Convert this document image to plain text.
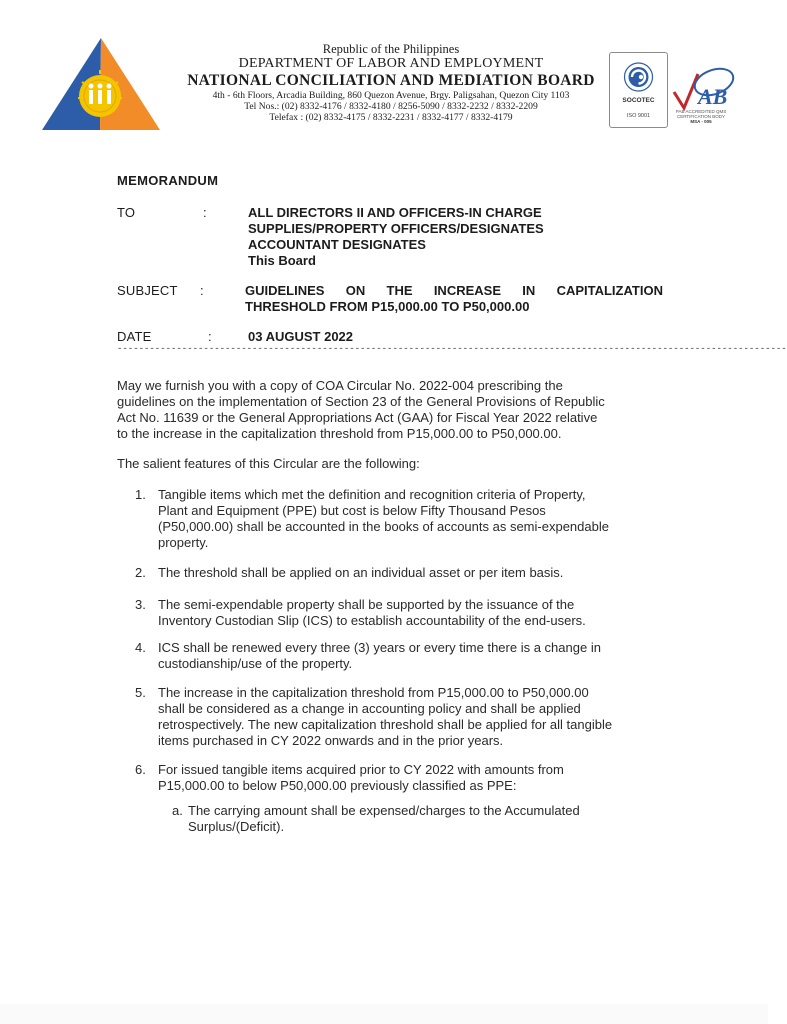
Republic of the Philippines
DEPARTMENT OF LABOR AND EMPLOYMENT
NATIONAL CONCILIATION AND MEDIATION BOARD
4th - 6th Floors, Arcadia Building, 860 Quezon Avenue, Brgy. Paligsahan, Quezon City 1103
Tel Nos.: (02) 8332-4176 / 8332-4180 / 8256-5090 / 8332-2232 / 8332-2209
Telefax : (02) 8332-4175 / 8332-2231 / 8332-4177 / 8332-4179
SOCOTEC
ISO 9001
AB
PAB ACCREDITED QMS CERTIFICATION BODY
MSA - 005
MEMORANDUM
TO	:	ALL DIRECTORS II AND OFFICERS-IN CHARGE
SUPPLIES/PROPERTY OFFICERS/DESIGNATES
ACCOUNTANT DESIGNATES
This Board
SUBJECT :	GUIDELINES ON THE INCREASE IN CAPITALIZATION
THRESHOLD FROM P15,000.00 TO P50,000.00
DATE	:	03 AUGUST 2022
----------------------------------------------------------------------------------------------------------------------------
May we furnish you with a copy of COA Circular No. 2022-004 prescribing the
guidelines on the implementation of Section 23 of the General Provisions of Republic
Act No. 11639 or the General Appropriations Act (GAA) for Fiscal Year 2022 relative
to the increase in the capitalization threshold from P15,000.00 to P50,000.00.
The salient features of this Circular are the following:
1. Tangible items which met the definition and recognition criteria of Property,
Plant and Equipment (PPE) but cost is below Fifty Thousand Pesos
(P50,000.00) shall be accounted in the books of accounts as semi-expendable
property.
2. The threshold shall be applied on an individual asset or per item basis.
3. The semi-expendable property shall be supported by the issuance of the
Inventory Custodian Slip (ICS) to establish accountability of the end-users.
4. ICS shall be renewed every three (3) years or every time there is a change in
custodianship/use of the property.
5. The increase in the capitalization threshold from P15,000.00 to P50,000.00
shall be considered as a change in accounting policy and shall be applied
retrospectively. The new capitalization threshold shall be applied for all tangible
items purchased in CY 2022 onwards and in the prior years.
6. For issued tangible items acquired prior to CY 2022 with amounts from
P15,000.00 to below P50,000.00 previously classified as PPE:
a. The carrying amount shall be expensed/charges to the Accumulated
Surplus/(Deficit).
